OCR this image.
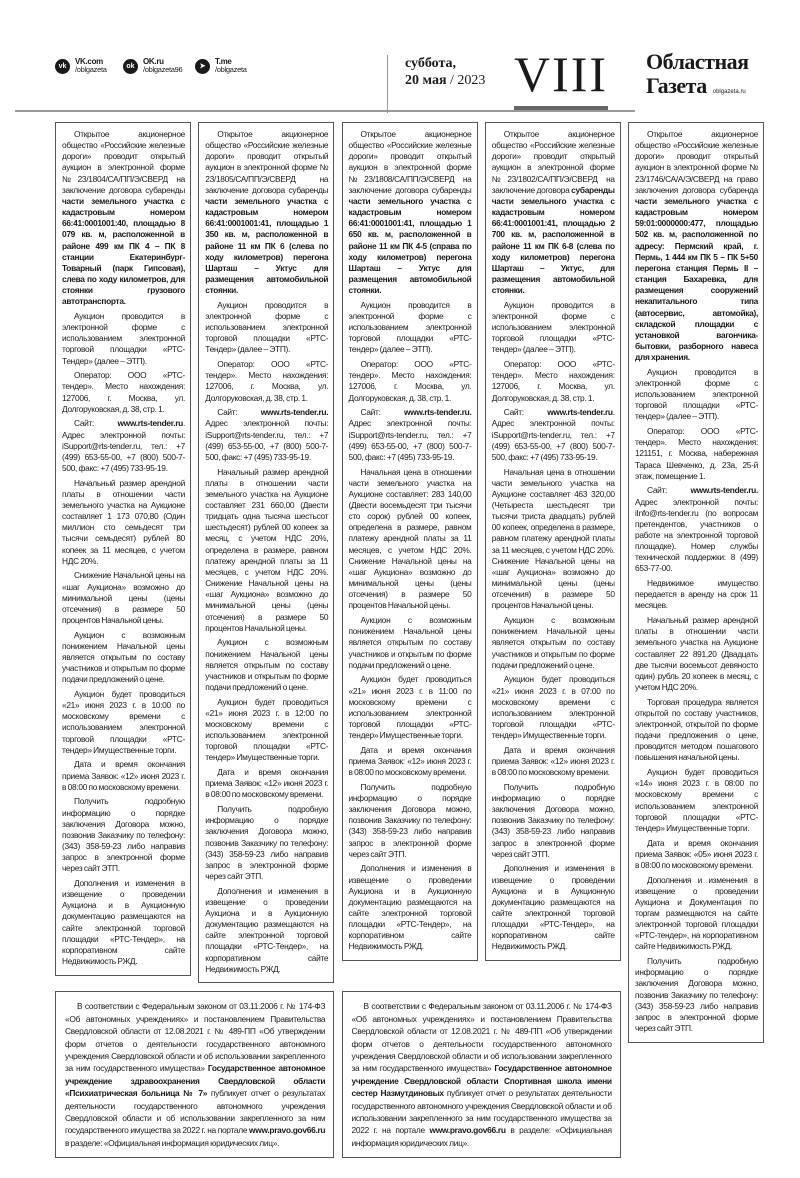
vk	VK.com
/oblgazeta	ok	OK.ru
/oblgazeta96	➤
T.me
/oblgazeta	суббота,
20 мая / 2023 VIII Областная
Газета oblgazeta.ru

Открытое акционерное общество «Российские железные дороги» проводит открытый аукцион в электронной форме №23/1804/СА/ПП/Э/СВЕРД на заключение договора субаренды части земельного участка с кадастровым номером 66:41:0001001:40, площадью 8 079 кв. м, расположенной в районе 499 км ПК 4 – ПК 8 станции Екатеринбург-Товарный (парк Гипсовая), слева по ходу километров, для стоянки грузового автотранспорта.

Аукцион проводится в электронной форме с использованием электронной торговой площадки «РТС-Тендер» (далее – ЭТП).

Оператор: ООО «РТС-тендер». Место нахождения: 127006, г. Москва, ул. Долгоруковская, д. 38, стр. 1.

Сайт: www.rts-tender.ru. Адрес электронной почты: iSupport@rts-tender.ru, тел.: +7 (499) 653-55-00, +7 (800) 500-7-500, факс: +7 (495) 733-95-19.

Начальный размер арендной платы в отношении части земельного участка на Аукционе составляет 1 173 070,80 (Один миллион сто семьдесят три тысячи семьдесят) рублей 80 копеек за 11 месяцев, с учетом НДС 20%.

Снижение Начальной цены на «шаг Аукциона» возможно до минимальной цены (цены отсечения) в размере 50 процентов Начальной цены.

Аукцион с возможным понижением Начальной цены является открытым по составу участников и открытым по форме подачи предложений о цене.

Аукцион будет проводиться «21» июня 2023 г. в 10:00 по московскому времени с использованием электронной торговой площадки «РТС-тендер» Имущественные торги.

Дата и время окончания приема Заявок: «12» июня 2023 г. в 08:00 по московскому времени.

Получить подробную информацию о порядке заключения Договора можно, позвонив Заказчику по телефону: (343) 358-59-23 либо направив запрос в электронной форме через сайт ЭТП.

Дополнения и изменения в извещение о проведении Аукциона и в Аукционную документацию размещаются на сайте электронной торговой площадки «РТС-Тендер», на корпоративном сайте Недвижимость РЖД.

Открытое акционерное общество «Российские железные дороги» проводит открытый аукцион в электронной форме № 23/1805/СА/ПП/Э/СВЕРД на заключение договора субаренды части земельного участка с кадастровым номером 66:41:0001001:41, площадью 1 350 кв. м, расположенной в районе 11 км ПК 6 (слева по ходу километров) перегона Шарташ – Уктус для размещения автомобильной стоянки.

Аукцион проводится в электронной форме с использованием электронной торговой площадки «РТС-Тендер» (далее – ЭТП).

Оператор: ООО «РТС-тендер». Место нахождения: 127006, г. Москва, ул. Долгоруковская, д. 38, стр. 1.

Сайт: www.rts-tender.ru. Адрес электронной почты: iSupport@rts-tender.ru, тел.: +7 (499) 653-55-00, +7 (800) 500-7-500, факс: +7 (495) 733-95-19.

Начальный размер арендной платы в отношении части земельного участка на Аукционе составляет 231 660,00 (Двести тридцать одна тысяча шестьсот шестьдесят) рублей 00 копеек за месяц, с учетом НДС 20%, определена в размере, равном платежу арендной платы за 11 месяцев, с учетом НДС 20%. Снижение Начальной цены на «шаг Аукциона» возможно до минимальной цены (цены отсечения) в размере 50 процентов Начальной цены.

Аукцион с возможным понижением Начальной цены является открытым по составу участников и открытым по форме подачи предложений о цене.

Аукцион будет проводиться «21» июня 2023 г. в 12:00 по московскому времени с использованием электронной торговой площадки «РТС-тендер» Имущественные торги.

Дата и время окончания приема Заявок: «12» июня 2023 г. в 08:00 по московскому времени.

Получить подробную информацию о порядке заключения Договора можно, позвонив Заказчику по телефону: (343) 358-59-23 либо направив запрос в электронной форме через сайт ЭТП.

Дополнения и изменения в извещение о проведении Аукциона и в Аукционную документацию размещаются на сайте электронной торговой площадки «РТС-Тендер», на корпоративном сайте Недвижимость РЖД.

Открытое акционерное общество «Российские железные дороги» проводит открытый аукцион в электронной форме №23/1808/СА/ПП/Э/СВЕРД на заключение договора субаренды части земельного участка с кадастровым номером 66:41:0001001:41, площадью 1 650 кв. м, расположенной в районе 11 км ПК 4-5 (справа по ходу километров) перегона Шарташ – Уктус для размещения автомобильной стоянки.

Аукцион проводится в электронной форме с использованием электронной торговой площадки «РТС-тендер» (далее – ЭТП).

Оператор: ООО «РТС-тендер». Место нахождения: 127006, г. Москва, ул. Долгоруковская, д. 38, стр. 1.

Сайт: www.rts-tender.ru. Адрес электронной почты: iSupport@rts-tender.ru, тел.: +7 (499) 653-55-00, +7 (800) 500-7-500, факс: +7 (495) 733-95-19.

Начальная цена в отношении части земельного участка на Аукционе составляет: 283 140,00 (Двести восемьдесят три тысячи сто сорок) рублей 00 копеек, определена в размере, равном платежу арендной платы за 11 месяцев, с учетом НДС 20%. Снижение Начальной цены на «шаг Аукциона» возможно до минимальной цены (цены отсечения) в размере 50 процентов Начальной цены.

Аукцион с возможным понижением Начальной цены является открытым по составу участников и открытым по форме подачи предложений о цене.

Аукцион будет проводиться «21» июня 2023 г. в 11:00 по московскому времени с использованием электронной торговой площадки «РТС-тендер» Имущественные торги.

Дата и время окончания приема Заявок: «12» июня 2023 г. в 08:00 по московскому времени.

Получить подробную информацию о порядке заключения Договора можно, позвонив Заказчику по телефону: (343) 358-59-23 либо направив запрос в электронной форме через сайт ЭТП.

Дополнения и изменения в извещение о проведении Аукциона и в Аукционную документацию размещаются на сайте электронной торговой площадки «РТС-Тендер», на корпоративном сайте Недвижимость РЖД.

Открытое акционерное общество «Российские железные дороги» проводит открытый аукцион в электронной форме №23/1802/СА/ПП/Э/СВЕРД на заключение договора субаренды части земельного участка с кадастровым номером 66:41:0001001:41, площадью 2 700 кв. м, расположенной в районе 11 км ПК 6-8 (слева по ходу километров) перегона Шарташ – Уктус, для размещения автомобильной стоянки.

Аукцион проводится в электронной форме с использованием электронной торговой площадки «РТС-тендер» (далее – ЭТП).

Оператор: ООО «РТС-тендер». Место нахождения: 127006, г. Москва, ул. Долгоруковская, д. 38, стр. 1.

Сайт: www.rts-tender.ru. Адрес электронной почты: iSupport@rts-tender.ru, тел.: +7 (499) 653-55-00, +7 (800) 500-7-500, факс: +7 (495) 733-95-19.

Начальная цена в отношении части земельного участка на Аукционе составляет 463 320,00 (Четыреста шестьдесят три тысячи триста двадцать) рублей 00 копеек, определена в размере, равном платежу арендной платы за 11 месяцев, с учетом НДС 20%. Снижение Начальной цены на «шаг Аукциона» возможно до минимальной цены (цены отсечения) в размере 50 процентов Начальной цены.

Аукцион с возможным понижением Начальной цены является открытым по составу участников и открытым по форме подачи предложений о цене.

Аукцион будет проводиться «21» июня 2023 г. в 07:00 по московскому времени с использованием электронной торговой площадки «РТС-тендер» Имущественные торги.

Дата и время окончания приема Заявок: «12» июня 2023 г. в 08:00 по московскому времени.

Получить подробную информацию о порядке заключения Договора можно, позвонив Заказчику по телефону: (343) 358-59-23 либо направив запрос в электронной форме через сайт ЭТП.

Дополнения и изменения в извещение о проведении Аукциона и в Аукционную документацию размещаются на сайте электронной торговой площадки «РТС-Тендер», на корпоративном сайте Недвижимость РЖД.

Открытое акционерное общество «Российские железные дороги» проводит открытый аукцион в электронной форме № 23/1746/СА/А/Э/СВЕРД на право заключения договора субаренда части земельного участка с кадастровым номером 59:01:0000000:477, площадью 502 кв. м, расположенной по адресу: Пермский край, г. Пермь, 1 444 км ПК 5 – ПК 5+50 перегона станция Пермь II – станция Бахаревка, для размещения сооружений некапитального типа (автосервис, автомойка), складской площадки с установкой вагончика-бытовки, разборного навеса для хранения.

Аукцион проводится в электронной форме с использованием электронной торговой площадки «РТС-тендер» (далее – ЭТП).

Оператор: ООО «РТС-тендер». Место нахождения: 121151, г. Москва, набережная Тараса Шевченко, д. 23а, 25-й этаж, помещение 1.

Сайт: www.rts-tender.ru. Адрес электронной почты: iInfo@rts-tender.ru (по вопросам претендентов, участников о работе на электронной торговой площадке). Номер службы технической поддержки: 8 (499) 653-77-00.

Недвижимое имущество передается в аренду на срок 11 месяцев.

Начальный размер арендной платы в отношении части земельного участка на Аукционе составляет 22 891,20 (Двадцать две тысячи восемьсот девяносто один) рубль 20 копеек в месяц, с учетом НДС 20%.

Торговая процедура является открытой по составу участников, электронной, открытой по форме подачи предложения о цене, проводится методом пошагового повышения начальной цены.

Аукцион будет проводиться «14» июня 2023 г. в 08:00 по московскому времени с использованием электронной торговой площадки «РТС-тендер» Имущественные торги.

Дата и время окончания приема Заявок: «05» июня 2023 г. в 08:00 по московскому времени.

Дополнения и изменения в извещение о проведении Аукциона и Документация по торгам размещаются на сайте электронной торговой площадки «РТС-тендер», на корпоративном сайте Недвижимость РЖД.

Получить подробную информацию о порядке заключения Договора можно, позвонив Заказчику по телефону: (343) 358-59-23 либо направив запрос в электронной форме через сайт ЭТП.

В соответствии с Федеральным законом от 03.11.2006 г. № 174-ФЗ «Об автономных учреждениях» и постановлением Правительства Свердловской области от 12.08.2021 г. № 489-ПП «Об утверждении форм отчетов о деятельности государственного автономного учреждения Свердловской области и об использовании закрепленного за ним государственного имущества» Государственное автономное учреждение здравоохранения Свердловской области «Психиатрическая больница № 7» публикует отчет о результатах деятельности государственного автономного учреждения Свердловской области и об использовании закрепленного за ним государственного имущества за 2022 г. на портале www.pravo.gov66.ru в разделе: «Официальная информация юридических лиц».

В соответствии с Федеральным законом от 03.11.2006 г. № 174-ФЗ «Об автономных учреждениях» и постановлением Правительства Свердловской области от 12.08.2021 г. № 489-ПП «Об утверждении форм отчетов о деятельности государственного автономного учреждения Свердловской области и об использовании закрепленного за ним государственного имущества» Государственное автономное учреждение Свердловской области Спортивная школа имени сестер Назмутдиновых публикует отчет о результатах деятельности государственного автономного учреждения Свердловской области и об использовании закрепленного за ним государственного имущества за 2022 г. на портале www.pravo.gov66.ru в разделе: «Официальная информация юридических лиц».
